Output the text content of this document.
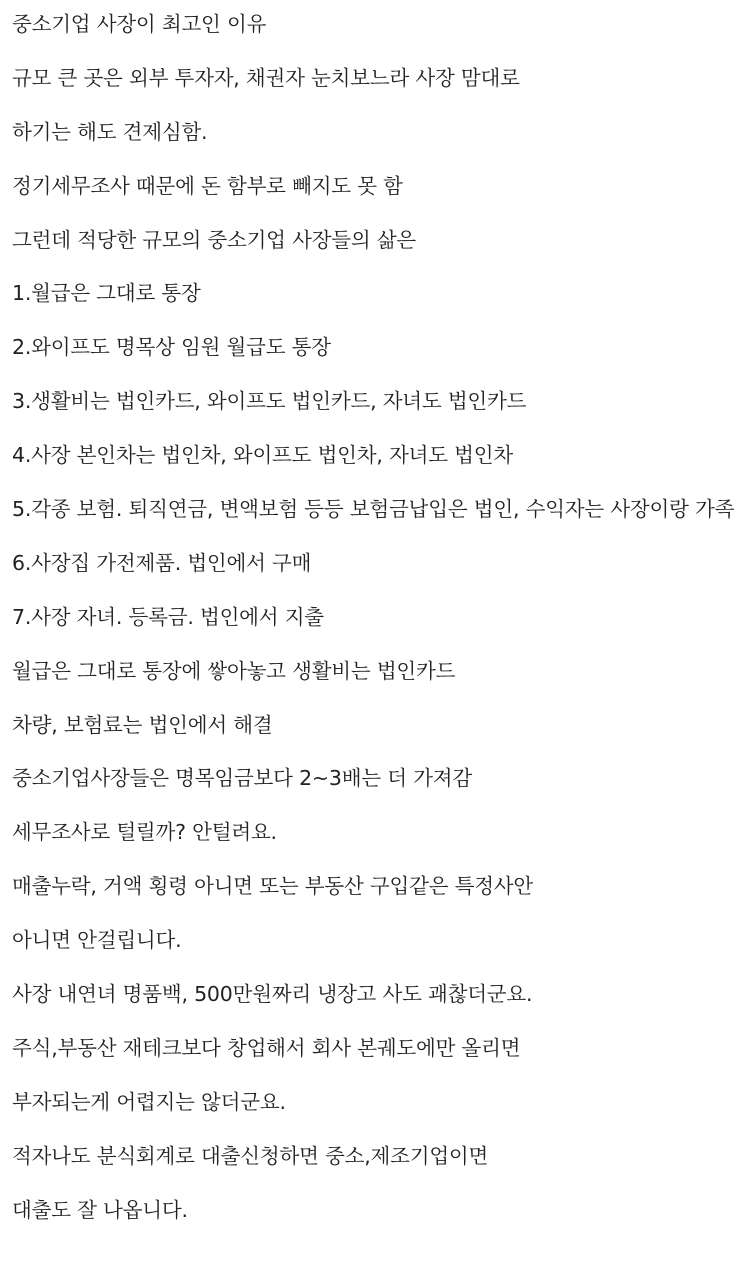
중소기업 사장이 최고인 이유
규모 큰 곳은 외부 투자자, 채권자 눈치보느라 사장 맘대로
하기는 해도 견제심함.
정기세무조사 때문에 돈 함부로 빼지도 못 함
그런데 적당한 규모의 중소기업 사장들의 삶은
1.월급은 그대로 통장
2.와이프도 명목상 임원 월급도 통장
3.생활비는 법인카드, 와이프도 법인카드, 자녀도 법인카드
4.사장 본인차는 법인차, 와이프도 법인차, 자녀도 법인차
5.각종 보험. 퇴직연금, 변액보험 등등 보험금납입은 법인, 수익자는 사장이랑 가족
6.사장집 가전제품. 법인에서 구매
7.사장 자녀. 등록금. 법인에서 지출
월급은 그대로 통장에 쌓아놓고 생활비는 법인카드
차량, 보험료는 법인에서 해결
중소기업사장들은 명목임금보다 2~3배는 더 가져감
세무조사로 털릴까? 안털려요.
매출누락, 거액 횡령 아니면 또는 부동산 구입같은 특정사안
아니면 안걸립니다.
사장 내연녀 명품백, 500만원짜리 냉장고 사도 괘찮더군요.
주식,부동산 재테크보다 창업해서 회사 본궤도에만 올리면
부자되는게 어렵지는 않더군요.
적자나도 분식회계로 대출신청하면 중소,제조기업이면
대출도 잘 나옵니다.
